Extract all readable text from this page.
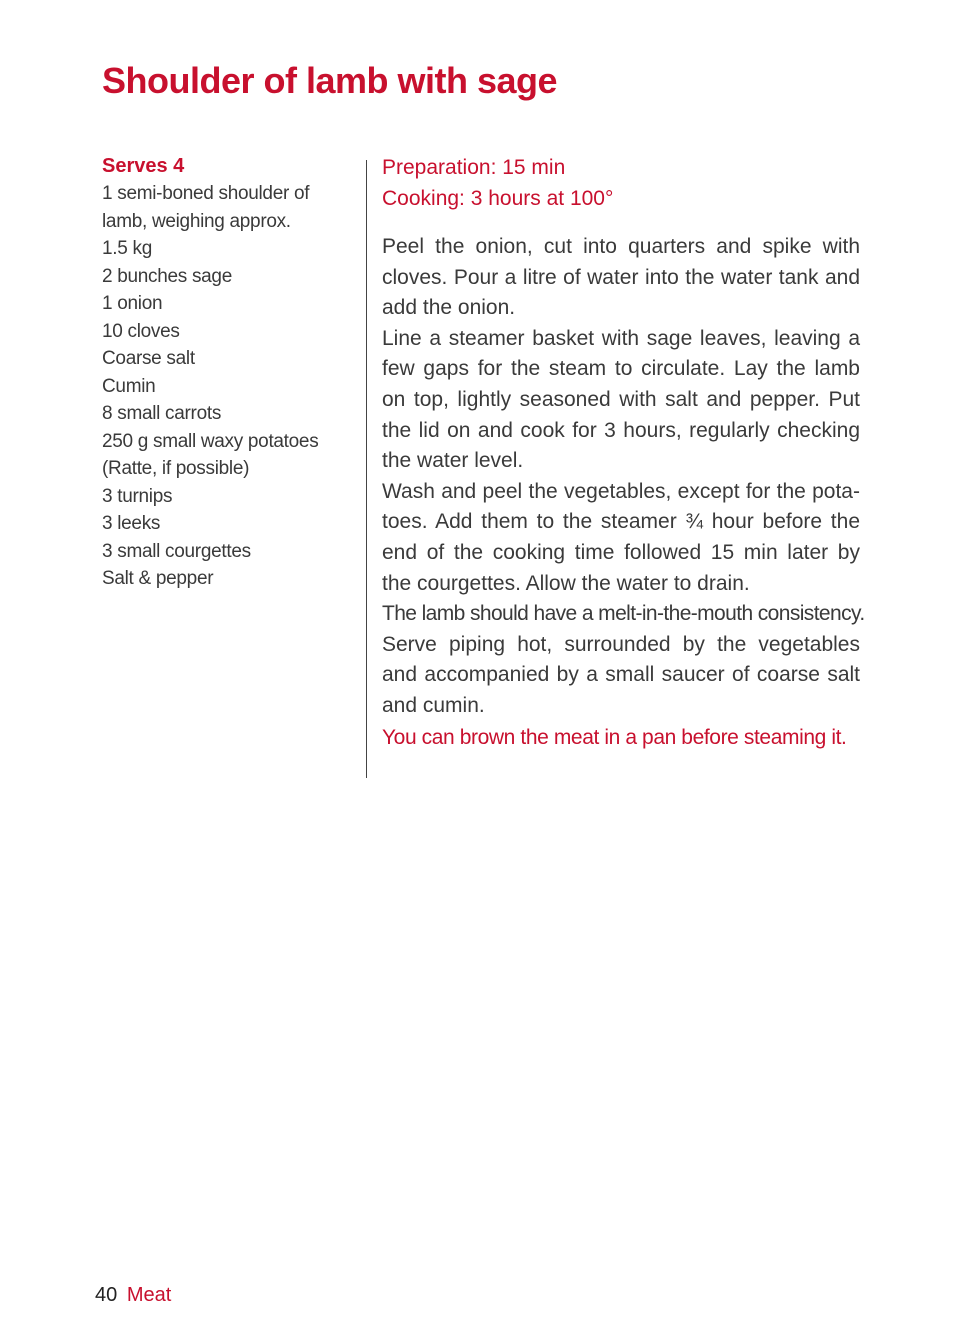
Shoulder of lamb with sage
Serves 4
1 semi-boned shoulder of
lamb, weighing approx.
1.5 kg
2 bunches sage
1 onion
10 cloves
Coarse salt
Cumin
8 small carrots
250 g small waxy potatoes
(Ratte, if possible)
3 turnips
3 leeks
3 small courgettes
Salt & pepper
Preparation: 15 min
Cooking: 3 hours at 100°

Peel the onion, cut into quarters and spike with cloves. Pour a litre of water into the water tank and add the onion.

Line a steamer basket with sage leaves, leaving a few gaps for the steam to circulate. Lay the lamb on top, lightly seasoned with salt and pepper. Put the lid on and cook for 3 hours, regularly checking the water level.

Wash and peel the vegetables, except for the potatoes. Add them to the steamer ¾ hour before the end of the cooking time followed 15 min later by the courgettes. Allow the water to drain.

The lamb should have a melt-in-the-mouth consistency.

Serve piping hot, surrounded by the vegetables and accompanied by a small saucer of coarse salt and cumin.

You can brown the meat in a pan before steaming it.

40 Meat
